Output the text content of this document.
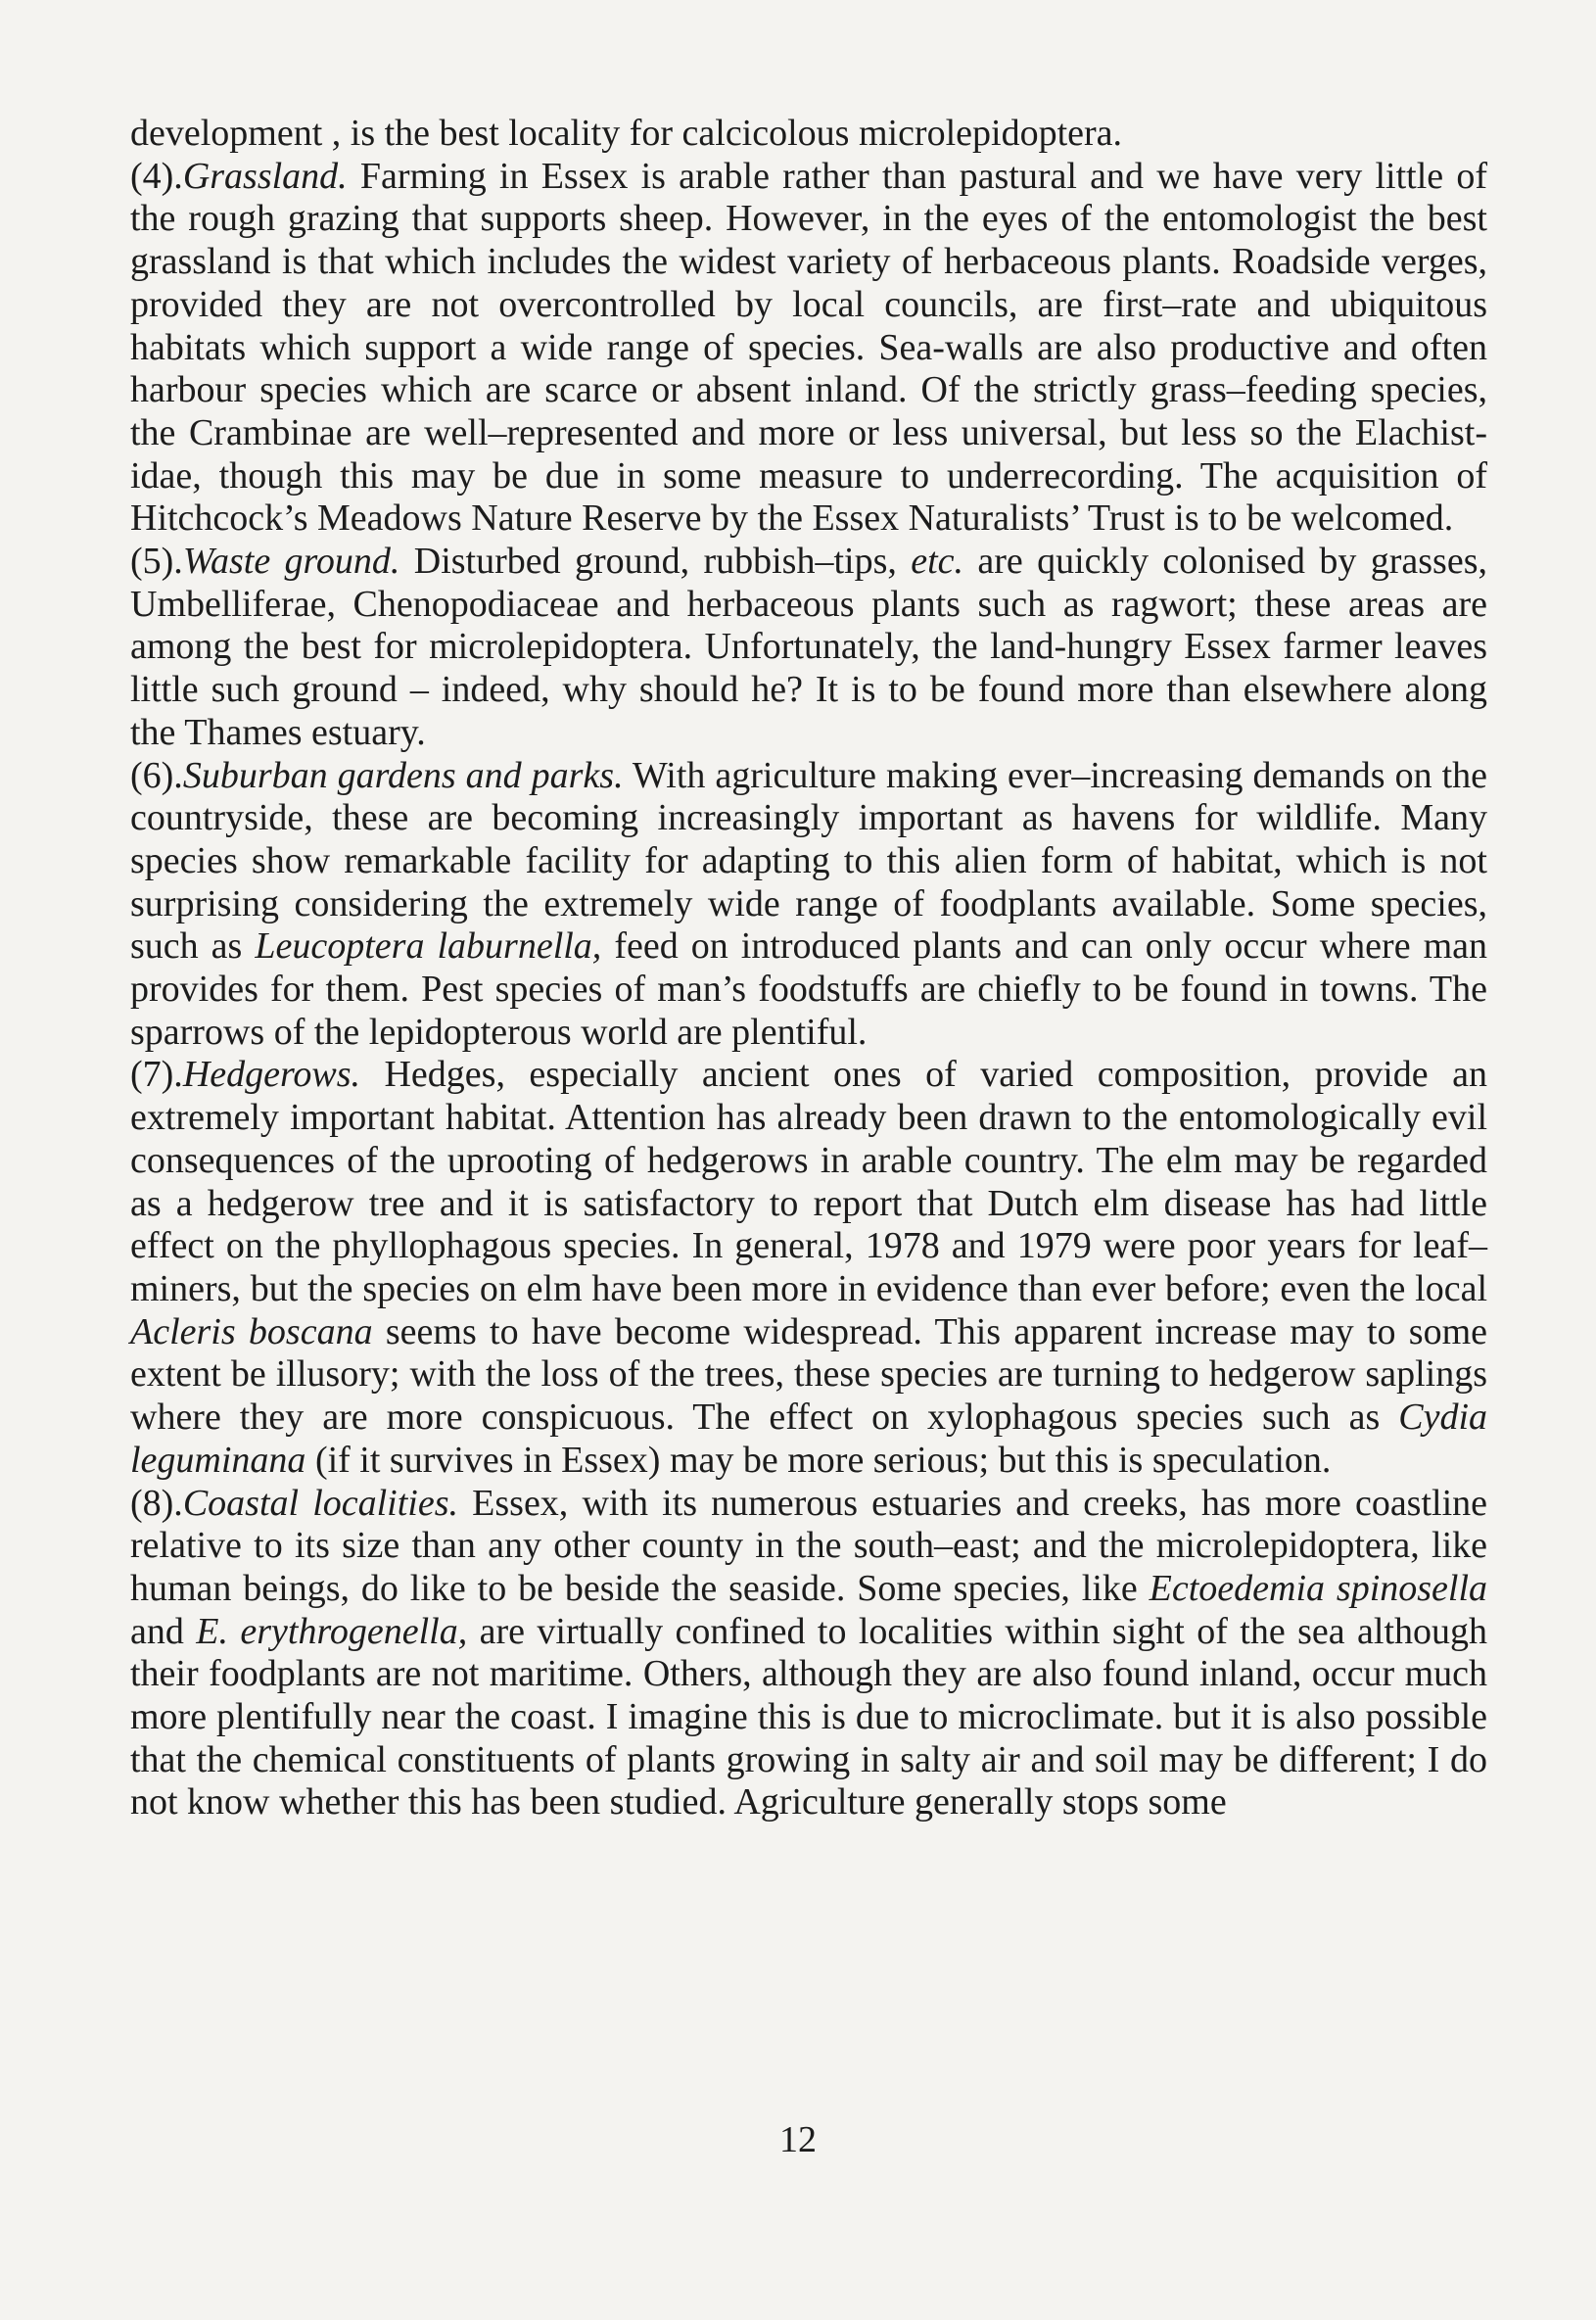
development , is the best locality for calcicolous microlepidoptera.

(4).Grassland. Farming in Essex is arable rather than pastural and we have very little of the rough grazing that supports sheep. However, in the eyes of the entomologist the best grassland is that which includes the widest variety of herbaceous plants. Roadside verges, provided they are not overcontrolled by local councils, are first–rate and ubiquitous habitats which support a wide range of species. Sea-walls are also productive and often harbour species which are scarce or absent inland. Of the strictly grass–feeding species, the Crambinae are well–represented and more or less universal, but less so the Elachistidae, though this may be due in some measure to underrecording. The acquisition of Hitchcock’s Meadows Nature Reserve by the Essex Naturalists’ Trust is to be welcomed.

(5).Waste ground. Disturbed ground, rubbish–tips, etc. are quickly colonised by grasses, Umbelliferae, Chenopodiaceae and herbaceous plants such as ragwort; these areas are among the best for microlepidoptera. Unfortunately, the land-hungry Essex farmer leaves little such ground – indeed, why should he? It is to be found more than elsewhere along the Thames estuary.

(6).Suburban gardens and parks. With agriculture making ever–increasing demands on the countryside, these are becoming increasingly important as havens for wildlife. Many species show remarkable facility for adapting to this alien form of habitat, which is not surprising considering the extremely wide range of foodplants available. Some species, such as Leucoptera laburnella, feed on introduced plants and can only occur where man provides for them. Pest species of man’s foodstuffs are chiefly to be found in towns. The sparrows of the lepidopterous world are plentiful.

(7).Hedgerows. Hedges, especially ancient ones of varied composition, provide an extremely important habitat. Attention has already been drawn to the entomologically evil consequences of the uprooting of hedgerows in arable country. The elm may be regarded as a hedgerow tree and it is satisfactory to report that Dutch elm disease has had little effect on the phyllophagous species. In general, 1978 and 1979 were poor years for leaf–miners, but the species on elm have been more in evidence than ever before; even the local Acleris boscana seems to have become widespread. This apparent increase may to some extent be illusory; with the loss of the trees, these species are turning to hedgerow saplings where they are more conspicuous. The effect on xylophagous species such as Cydia leguminana (if it survives in Essex) may be more serious; but this is speculation.

(8).Coastal localities. Essex, with its numerous estuaries and creeks, has more coastline relative to its size than any other county in the south–east; and the microlepidoptera, like human beings, do like to be beside the seaside. Some species, like Ectoedemia spinosella and E. erythrogenella, are virtually confined to localities within sight of the sea although their foodplants are not maritime. Others, although they are also found inland, occur much more plentifully near the coast. I imagine this is due to microclimate. but it is also possible that the chemical constituents of plants growing in salty air and soil may be different; I do not know whether this has been studied. Agriculture generally stops some

12
